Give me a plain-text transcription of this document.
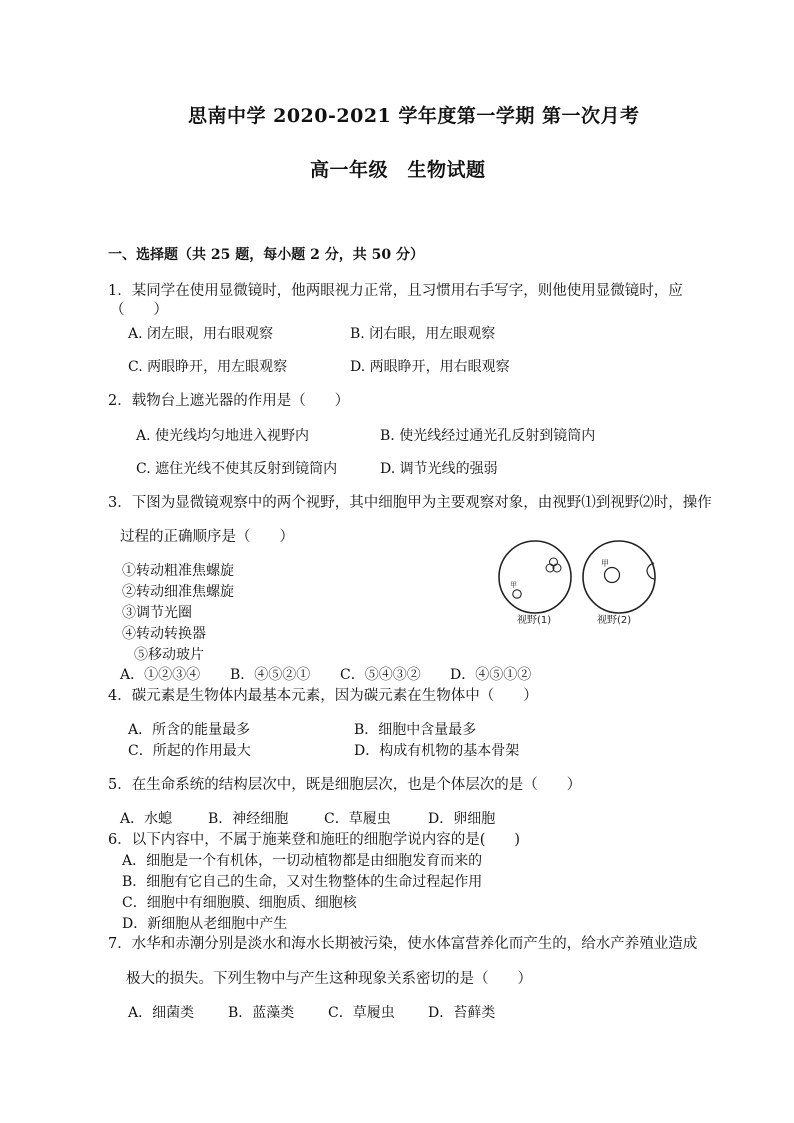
思南中学 2020-2021 学年度第一学期 第一次月考
高一年级　生物试题
一、选择题（共 25 题，每小题 2 分，共 50 分）
1．某同学在使用显微镜时，他两眼视力正常，且习惯用右手写字，则他使用显微镜时，应
（　　）
A. 闭左眼，用右眼观察	B. 闭右眼，用左眼观察
C. 两眼睁开，用左眼观察	D. 两眼睁开，用右眼观察
2．载物台上遮光器的作用是（　　）
A. 使光线均匀地进入视野内	B. 使光线经过通光孔反射到镜筒内
C. 遮住光线不使其反射到镜筒内	D. 调节光线的强弱
3．下图为显微镜观察中的两个视野，其中细胞甲为主要观察对象，由视野⑴到视野⑵时，操作
过程的正确顺序是（　　）
①转动粗准焦螺旋
②转动细准焦螺旋
③调节光圈
④转动转换器
⑤移动玻片
A．①②③④ B．④⑤②① C．⑤④③② D．④⑤①②
甲
甲
视野(1)	视野(2)
4．碳元素是生物体内最基本元素，因为碳元素在生物体中（　　）
A．所含的能量最多	B．细胞中含量最多
C．所起的作用最大	D．构成有机物的基本骨架
5．在生命系统的结构层次中，既是细胞层次，也是个体层次的是（　　）
A．水螅	B．神经细胞	C．草履虫	D．卵细胞
6．以下内容中，不属于施莱登和施旺的细胞学说内容的是(　　)
A．细胞是一个有机体，一切动植物都是由细胞发育而来的
B．细胞有它自己的生命，又对生物整体的生命过程起作用
C．细胞中有细胞膜、细胞质、细胞核
D．新细胞从老细胞中产生
7．水华和赤潮分别是淡水和海水长期被污染，使水体富营养化而产生的，给水产养殖业造成
极大的损失。下列生物中与产生这种现象关系密切的是（　　）
A．细菌类 B．蓝藻类 C．草履虫 D．苔藓类
